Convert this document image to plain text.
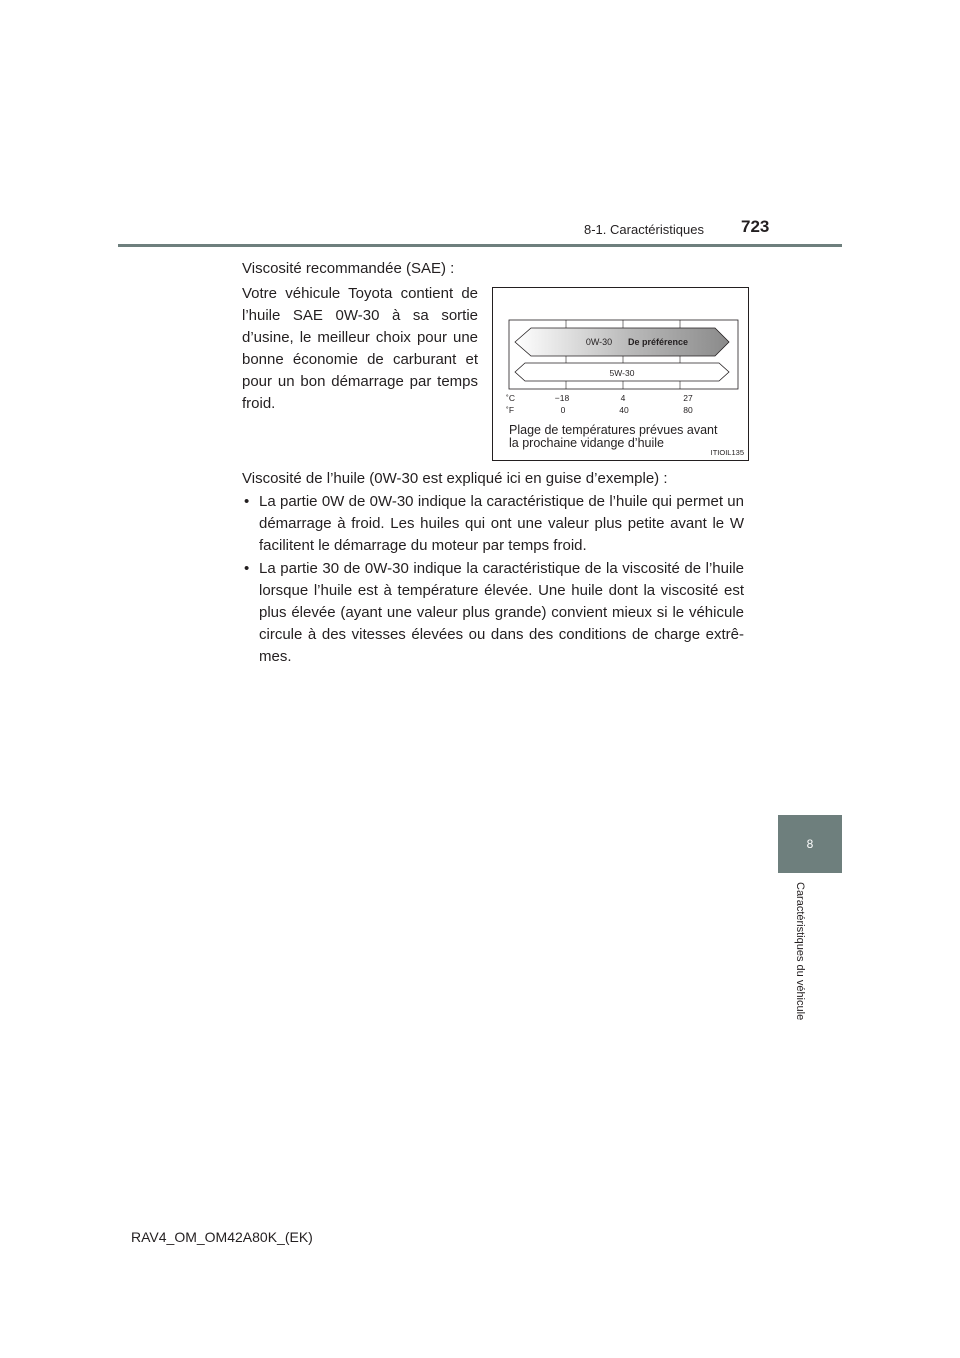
8-1. Caractéristiques 723
Viscosité recommandée (SAE) :
Votre véhicule Toyota contient de l’huile SAE 0W-30 à sa sortie d’usine, le meilleur choix pour une bonne économie de carburant et pour un bon démarrage par temps froid.
0W-30 De préférence
5W-30
˚C
˚F
−18	4	27
0	40	80
Plage de températures prévues avant
la prochaine vidange d’huile
ITIOIL135
Viscosité de l’huile (0W-30 est expliqué ici en guise d’exemple) :
• La partie 0W de 0W-30 indique la caractéristique de l’huile qui permet un démarrage à froid. Les huiles qui ont une valeur plus petite avant le W facilitent le démarrage du moteur par temps froid.
• La partie 30 de 0W-30 indique la caractéristique de la viscosité de l’huile lorsque l’huile est à température élevée. Une huile dont la viscosité est plus élevée (ayant une valeur plus grande) convient mieux si le véhicule circule à des vitesses élevées ou dans des conditions de charge extrê-mes.
8
Caractéristiques du véhicule
RAV4_OM_OM42A80K_(EK)
